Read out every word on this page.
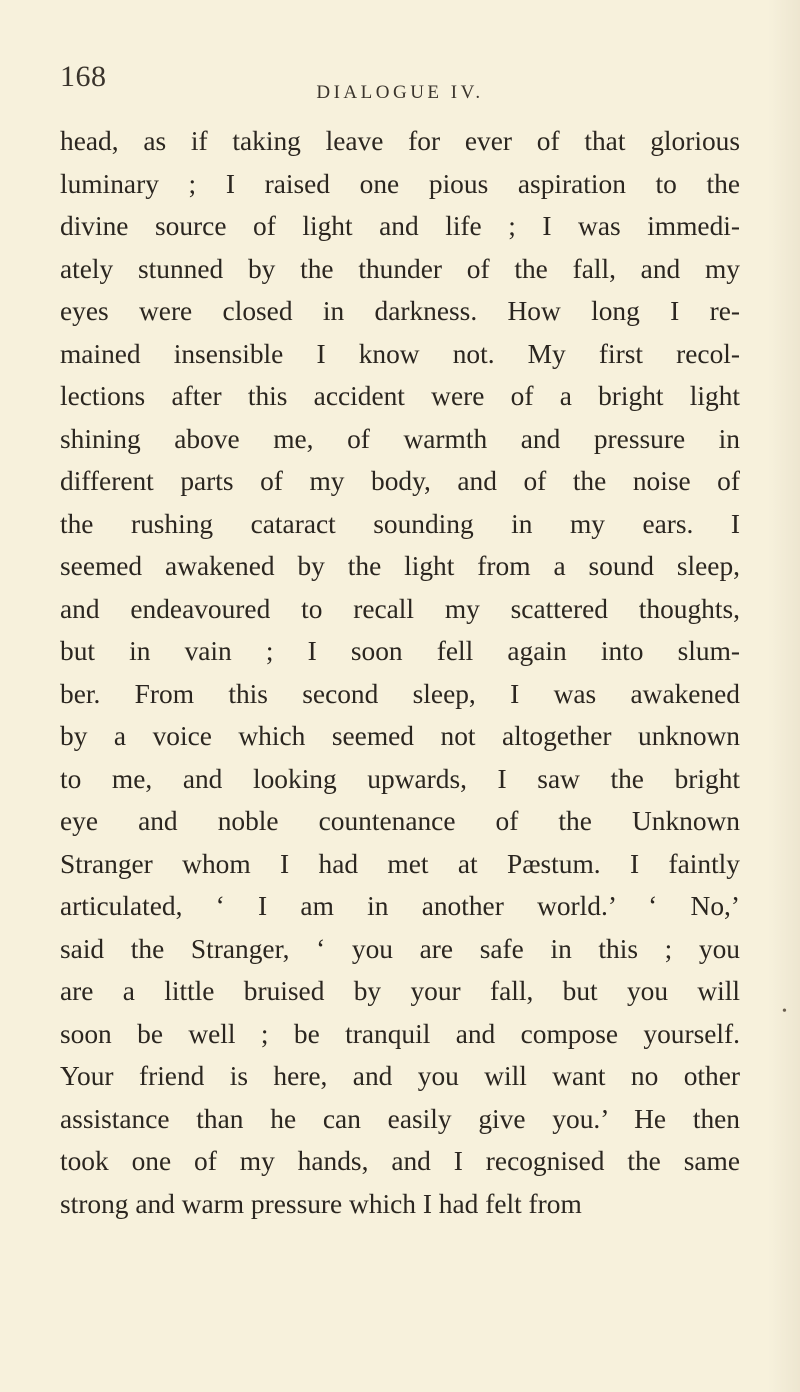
168	DIALOGUE IV.
head, as if taking leave for ever of that glorious
luminary ; I raised one pious aspiration to the
divine source of light and life ; I was immedi-
ately stunned by the thunder of the fall, and my
eyes were closed in darkness. How long I re-
mained insensible I know not. My first recol-
lections after this accident were of a bright light
shining above me, of warmth and pressure in
different parts of my body, and of the noise of
the rushing cataract sounding in my ears. I
seemed awakened by the light from a sound sleep,
and endeavoured to recall my scattered thoughts,
but in vain ; I soon fell again into slum-
ber. From this second sleep, I was awakened
by a voice which seemed not altogether unknown
to me, and looking upwards, I saw the bright
eye and noble countenance of the Unknown
Stranger whom I had met at Pæstum. I faintly
articulated, ‘ I am in another world.’ ‘ No,’
said the Stranger, ‘ you are safe in this ; you
are a little bruised by your fall, but you will
soon be well ; be tranquil and compose yourself.
Your friend is here, and you will want no other
assistance than he can easily give you.’ He then
took one of my hands, and I recognised the same
strong and warm pressure which I had felt from
•
